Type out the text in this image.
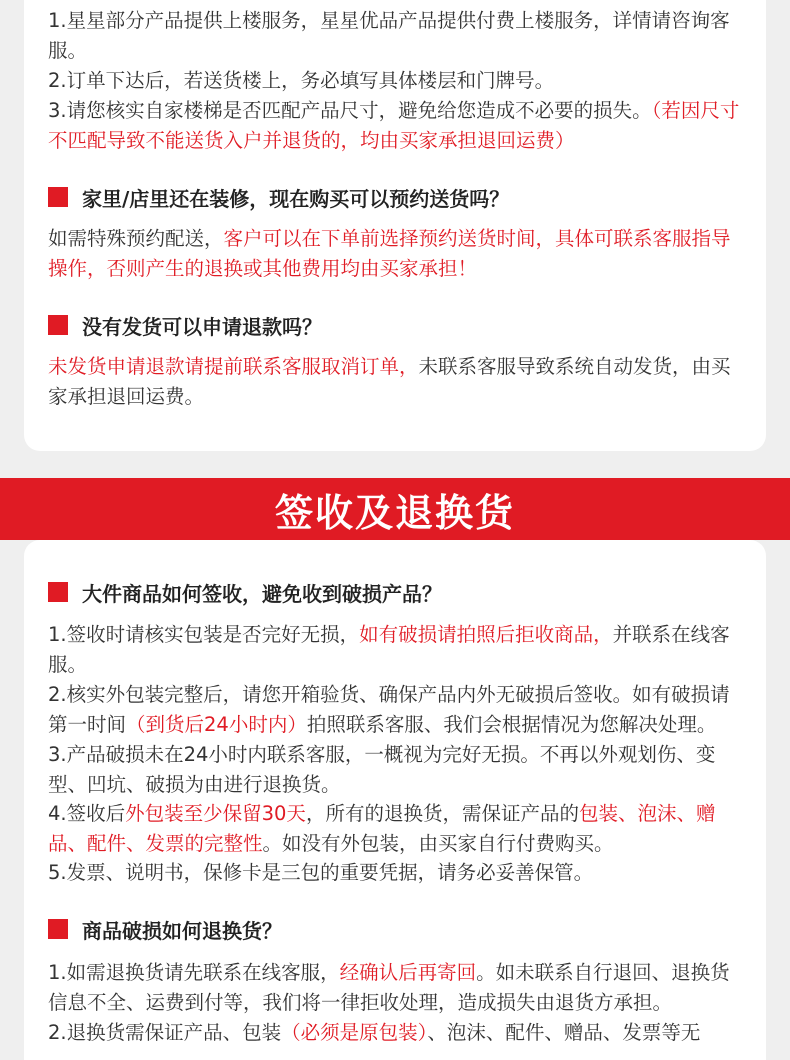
1.星星部分产品提供上楼服务，星星优品产品提供付费上楼服务，详情请咨询客服。

2.订单下达后，若送货楼上，务必填写具体楼层和门牌号。

3.请您核实自家楼梯是否匹配产品尺寸，避免给您造成不必要的损失。（若因尺寸不匹配导致不能送货入户并退货的，均由买家承担退回运费）

家里/店里还在装修，现在购买可以预约送货吗？

如需特殊预约配送，客户可以在下单前选择预约送货时间，具体可联系客服指导操作，否则产生的退换或其他费用均由买家承担！

没有发货可以申请退款吗？

未发货申请退款请提前联系客服取消订单，未联系客服导致系统自动发货，由买家承担退回运费。

签收及退换货
大件商品如何签收，避免收到破损产品？

1.签收时请核实包装是否完好无损，如有破损请拍照后拒收商品，并联系在线客服。

2.核实外包装完整后，请您开箱验货、确保产品内外无破损后签收。如有破损请第一时间（到货后24小时内）拍照联系客服、我们会根据情况为您解决处理。

3.产品破损未在24小时内联系客服，一概视为完好无损。不再以外观划伤、变型、凹坑、破损为由进行退换货。

4.签收后外包装至少保留30天，所有的退换货，需保证产品的包装、泡沫、赠品、配件、发票的完整性。如没有外包装，由买家自行付费购买。

5.发票、说明书，保修卡是三包的重要凭据，请务必妥善保管。

商品破损如何退换货？

1.如需退换货请先联系在线客服，经确认后再寄回。如未联系自行退回、退换货信息不全、运费到付等，我们将一律拒收处理，造成损失由退货方承担。

2.退换货需保证产品、包装（必须是原包装）、泡沫、配件、赠品、发票等无
